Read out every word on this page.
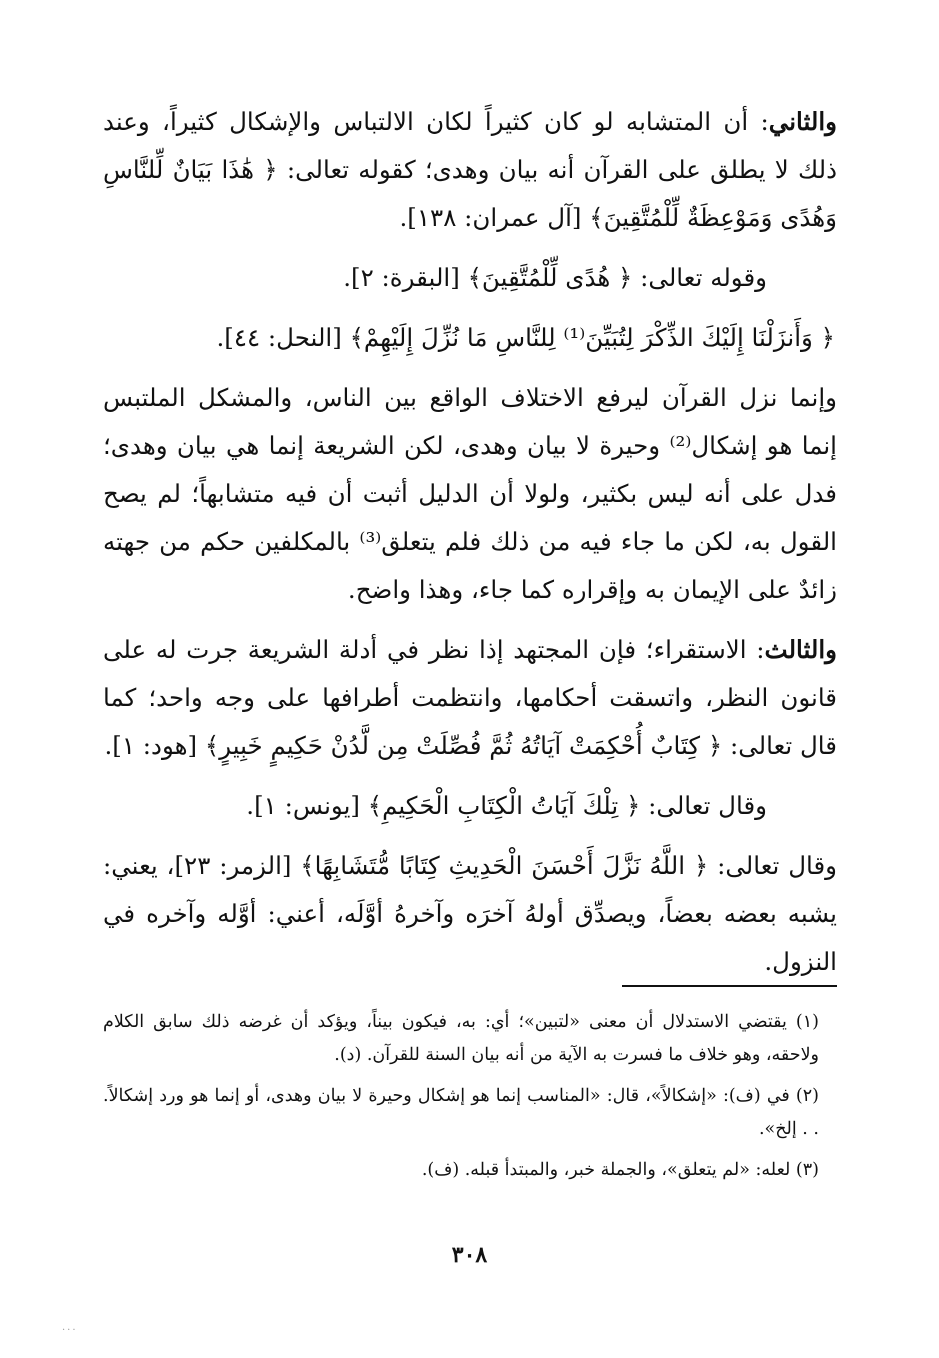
والثاني: أن المتشابه لو كان كثيراً لكان الالتباس والإشكال كثيراً، وعند ذلك لا يطلق على القرآن أنه بيان وهدى؛ كقوله تعالى: ﴿ هَٰذَا بَيَانٌ لِّلنَّاسِ وَهُدًى وَمَوْعِظَةٌ لِّلْمُتَّقِينَ﴾ [آل عمران: ١٣٨].

وقوله تعالى: ﴿ هُدًى لِّلْمُتَّقِينَ﴾ [البقرة: ٢].

﴿ وَأَنزَلْنَا إِلَيْكَ الذِّكْرَ لِتُبَيِّنَ⁽¹⁾ لِلنَّاسِ مَا نُزِّلَ إِلَيْهِمْ﴾ [النحل: ٤٤].

وإنما نزل القرآن ليرفع الاختلاف الواقع بين الناس، والمشكل الملتبس إنما هو إشكال⁽²⁾ وحيرة لا بيان وهدى، لكن الشريعة إنما هي بيان وهدى؛ فدل على أنه ليس بكثير، ولولا أن الدليل أثبت أن فيه متشابهاً؛ لم يصح القول به، لكن ما جاء فيه من ذلك فلم يتعلق⁽³⁾ بالمكلفين حكم من جهته زائدٌ على الإيمان به وإقراره كما جاء، وهذا واضح.

والثالث: الاستقراء؛ فإن المجتهد إذا نظر في أدلة الشريعة جرت له على قانون النظر، واتسقت أحكامها، وانتظمت أطرافها على وجه واحد؛ كما قال تعالى: ﴿ كِتَابٌ أُحْكِمَتْ آيَاتُهُ ثُمَّ فُصِّلَتْ مِن لَّدُنْ حَكِيمٍ خَبِيرٍ﴾ [هود: ١].

وقال تعالى: ﴿ تِلْكَ آيَاتُ الْكِتَابِ الْحَكِيمِ﴾ [يونس: ١].

وقال تعالى: ﴿ اللَّهُ نَزَّلَ أَحْسَنَ الْحَدِيثِ كِتَابًا مُّتَشَابِهًا﴾ [الزمر: ٢٣]، يعني: يشبه بعضه بعضاً، ويصدِّق أولهُ آخرَه وآخرهُ أوَّلَه، أعني: أوَّله وآخره في النزول.

(١) يقتضي الاستدلال أن معنى «لتبين»؛ أي: به، فيكون بيناً، ويؤكد أن غرضه ذلك سابق الكلام ولاحقه، وهو خلاف ما فسرت به الآية من أنه بيان السنة للقرآن. (د).

(٢) في (ف): «إشكالاً»، قال: «المناسب إنما هو إشكال وحيرة لا بيان وهدى، أو إنما هو ورد إشكالاً. . . إلخ».

(٣) لعله: «لم يتعلق»، والجملة خبر، والمبتدأ قبله. (ف).

٣٠٨
...
